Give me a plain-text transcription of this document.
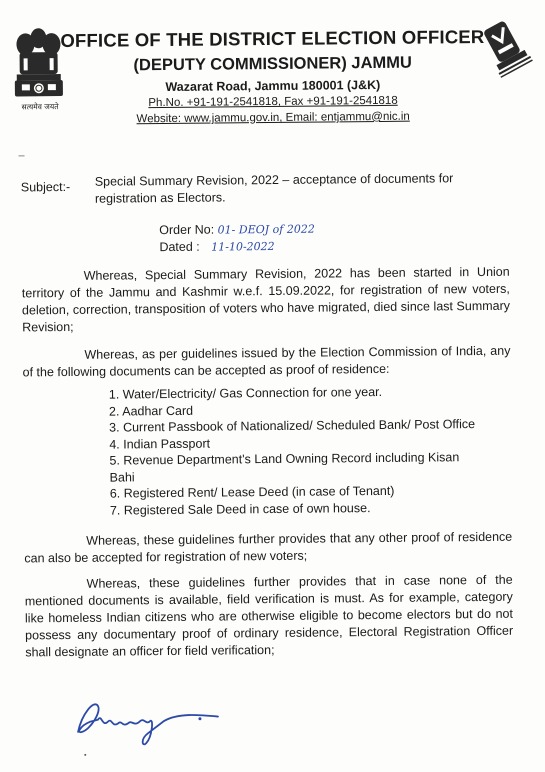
सत्यमेव जयते
OFFICE OF THE DISTRICT ELECTION OFFICER
(DEPUTY COMMISSIONER) JAMMU
Wazarat Road, Jammu 180001 (J&K)
Ph.No. +91-191-2541818, Fax +91-191-2541818
Website: www.jammu.gov.in, Email: entjammu@nic.in
Subject:- Special Summary Revision, 2022 – acceptance of documents for registration as Electors.
Order No: 01- DEOJ of 2022
Dated : 11-10-2022
Whereas, Special Summary Revision, 2022 has been started in Union territory of the Jammu and Kashmir w.e.f. 15.09.2022, for registration of new voters, deletion, correction, transposition of voters who have migrated, died since last Summary Revision;
Whereas, as per guidelines issued by the Election Commission of India, any of the following documents can be accepted as proof of residence:
1. Water/Electricity/ Gas Connection for one year.
2. Aadhar Card
3. Current Passbook of Nationalized/ Scheduled Bank/ Post Office
4. Indian Passport
5. Revenue Department's Land Owning Record including Kisan
Bahi
6. Registered Rent/ Lease Deed (in case of Tenant)
7. Registered Sale Deed in case of own house.
Whereas, these guidelines further provides that any other proof of residence can also be accepted for registration of new voters;
Whereas, these guidelines further provides that in case none of the mentioned documents is available, field verification is must. As for example, category like homeless Indian citizens who are otherwise eligible to become electors but do not possess any documentary proof of ordinary residence, Electoral Registration Officer shall designate an officer for field verification;
